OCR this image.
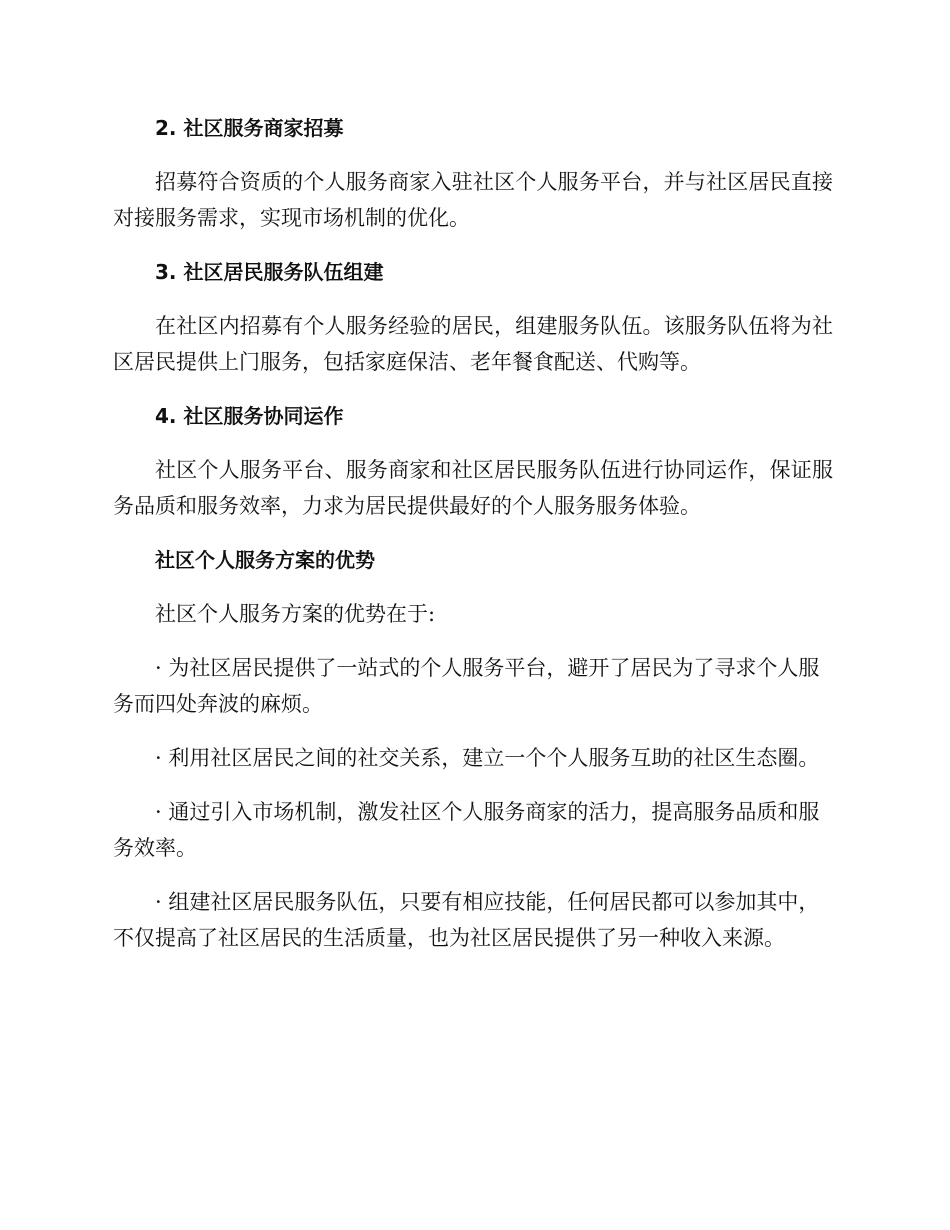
2. 社区服务商家招募

招募符合资质的个人服务商家入驻社区个人服务平台，并与社区居民直接对接服务需求，实现市场机制的优化。

3. 社区居民服务队伍组建

在社区内招募有个人服务经验的居民，组建服务队伍。该服务队伍将为社区居民提供上门服务，包括家庭保洁、老年餐食配送、代购等。

4. 社区服务协同运作

社区个人服务平台、服务商家和社区居民服务队伍进行协同运作，保证服务品质和服务效率，力求为居民提供最好的个人服务服务体验。

社区个人服务方案的优势

社区个人服务方案的优势在于:

· 为社区居民提供了一站式的个人服务平台，避开了居民为了寻求个人服务而四处奔波的麻烦。

· 利用社区居民之间的社交关系，建立一个个人服务互助的社区生态圈。

· 通过引入市场机制，激发社区个人服务商家的活力，提高服务品质和服务效率。

· 组建社区居民服务队伍，只要有相应技能，任何居民都可以参加其中，不仅提高了社区居民的生活质量，也为社区居民提供了另一种收入来源。
